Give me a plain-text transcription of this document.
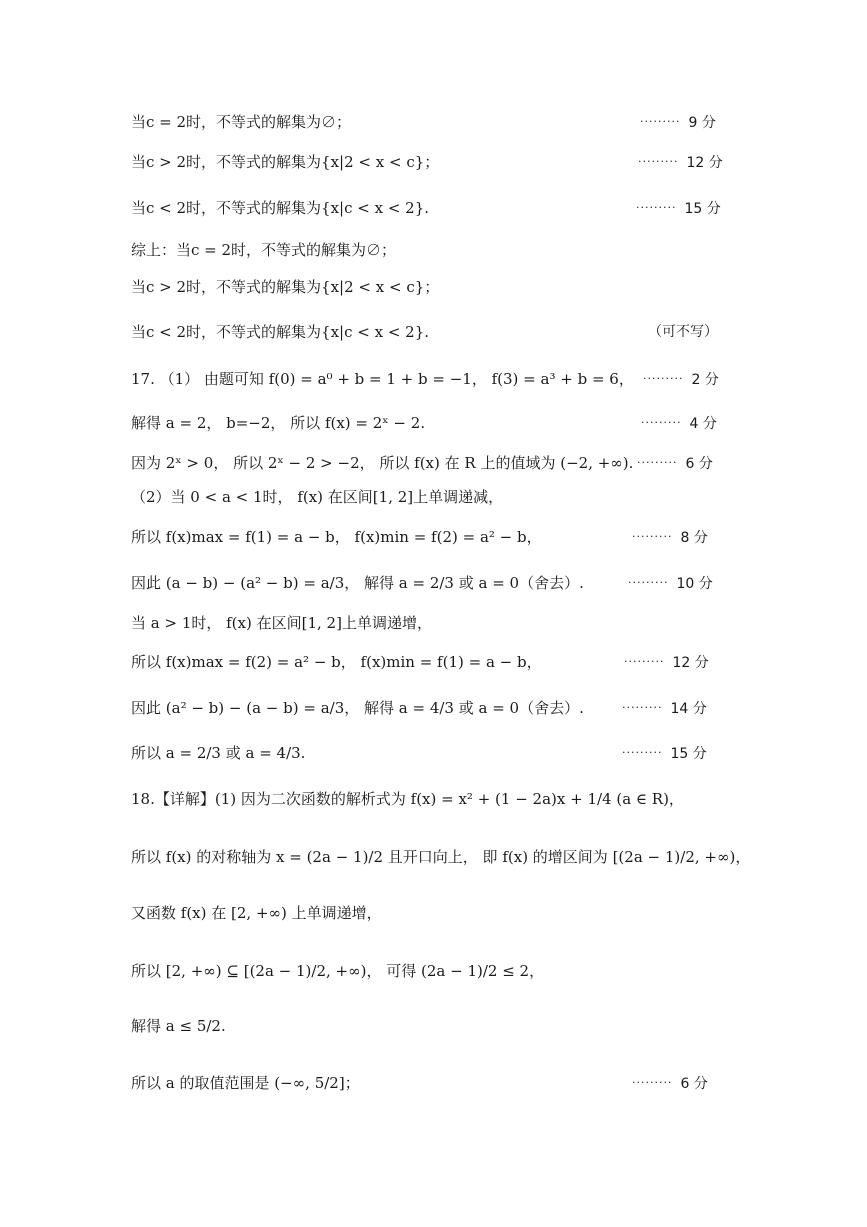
当c = 2时，不等式的解集为∅；	········· 9 分
当c > 2时，不等式的解集为{x|2 < x < c}；	········· 12 分
当c < 2时，不等式的解集为{x|c < x < 2}.	········· 15 分
综上：当c = 2时，不等式的解集为∅；
当c > 2时，不等式的解集为{x|2 < x < c}；
当c < 2时，不等式的解集为{x|c < x < 2}.	（可不写）
17. （1） 由题可知 f(0) = a⁰ + b = 1 + b = −1， f(3) = a³ + b = 6， ········· 2 分
解得 a = 2， b=−2， 所以 f(x) = 2ˣ − 2.	········· 4 分
因为 2ˣ > 0， 所以 2ˣ − 2 > −2， 所以 f(x) 在 R 上的值域为 (−2, +∞). ········· 6 分
（2）当 0 < a < 1时， f(x) 在区间[1, 2]上单调递减，
所以 f(x)max = f(1) = a − b， f(x)min = f(2) = a² − b，	········· 8 分
因此 (a − b) − (a² − b) = a/3， 解得 a = 2/3 或 a = 0（舍去）.	········· 10 分
当 a > 1时， f(x) 在区间[1, 2]上单调递增，
所以 f(x)max = f(2) = a² − b， f(x)min = f(1) = a − b，	········· 12 分
因此 (a² − b) − (a − b) = a/3， 解得 a = 4/3 或 a = 0（舍去）.	········· 14 分
所以 a = 2/3 或 a = 4/3.	········· 15 分
18.【详解】(1) 因为二次函数的解析式为 f(x) = x² + (1 − 2a)x + 1/4 (a ∈ R)，
所以 f(x) 的对称轴为 x = (2a − 1)/2 且开口向上， 即 f(x) 的增区间为 [(2a − 1)/2, +∞)，
又函数 f(x) 在 [2, +∞) 上单调递增，
所以 [2, +∞) ⊆ [(2a − 1)/2, +∞)， 可得 (2a − 1)/2 ≤ 2，
解得 a ≤ 5/2.
所以 a 的取值范围是 (−∞, 5/2]；	········· 6 分
